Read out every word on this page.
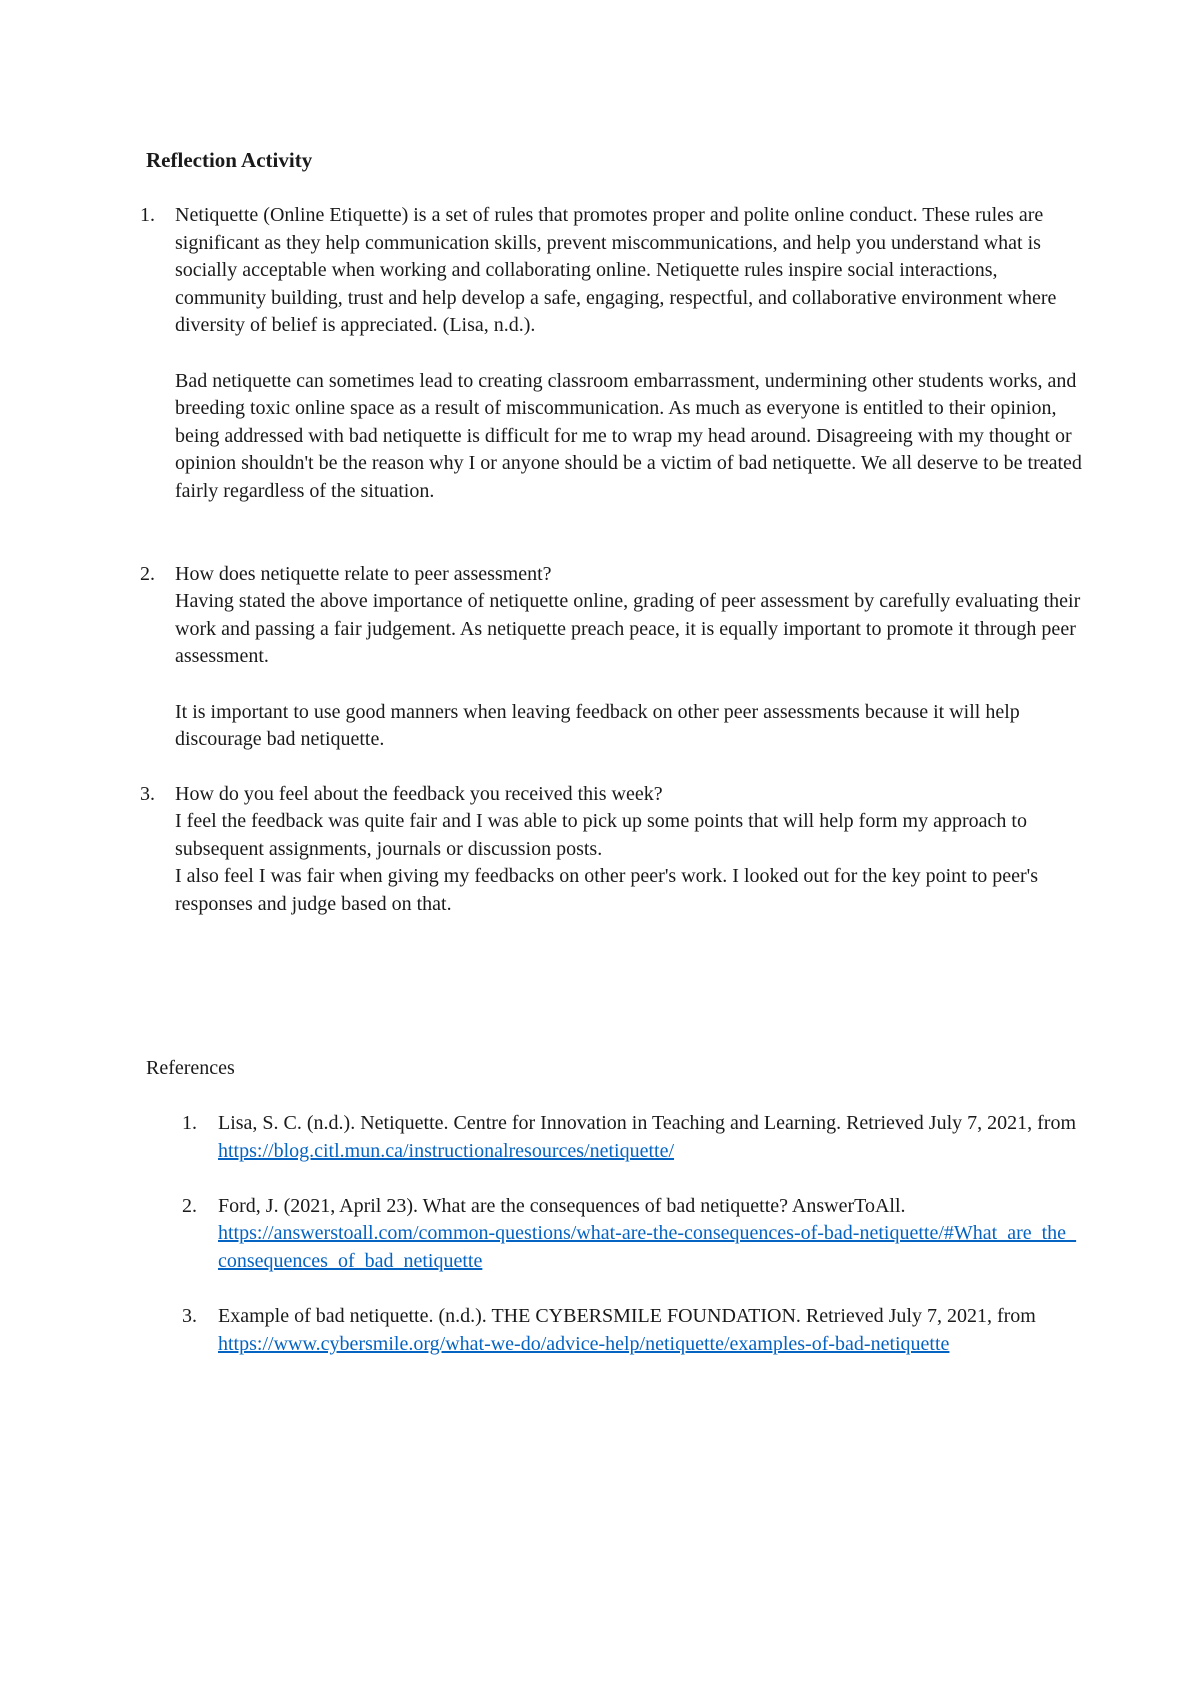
Reflection Activity
1. Netiquette (Online Etiquette) is a set of rules that promotes proper and polite online conduct. These rules are significant as they help communication skills, prevent miscommunications, and help you understand what is socially acceptable when working and collaborating online. Netiquette rules inspire social interactions, community building, trust and help develop a safe, engaging, respectful, and collaborative environment where diversity of belief is appreciated. (Lisa, n.d.).

Bad netiquette can sometimes lead to creating classroom embarrassment, undermining other students works, and breeding toxic online space as a result of miscommunication. As much as everyone is entitled to their opinion, being addressed with bad netiquette is difficult for me to wrap my head around. Disagreeing with my thought or opinion shouldn't be the reason why I or anyone should be a victim of bad netiquette. We all deserve to be treated fairly regardless of the situation.

2. How does netiquette relate to peer assessment?

Having stated the above importance of netiquette online, grading of peer assessment by carefully evaluating their work and passing a fair judgement. As netiquette preach peace, it is equally important to promote it through peer assessment.

It is important to use good manners when leaving feedback on other peer assessments because it will help discourage bad netiquette.

3. How do you feel about the feedback you received this week?

I feel the feedback was quite fair and I was able to pick up some points that will help form my approach to subsequent assignments, journals or discussion posts.

I also feel I was fair when giving my feedbacks on other peer's work. I looked out for the key point to peer's responses and judge based on that.

References
1. Lisa, S. C. (n.d.). Netiquette. Centre for Innovation in Teaching and Learning. Retrieved July 7, 2021, from https://blog.citl.mun.ca/instructionalresources/netiquette/
2. Ford, J. (2021, April 23). What are the consequences of bad netiquette? AnswerToAll.
https://answerstoall.com/common-questions/what-are-the-consequences-of-bad-netiquette/#What_are_the_consequences_of_bad_netiquette
3. Example of bad netiquette. (n.d.). THE CYBERSMILE FOUNDATION. Retrieved July 7, 2021, from
https://www.cybersmile.org/what-we-do/advice-help/netiquette/examples-of-bad-netiquette
